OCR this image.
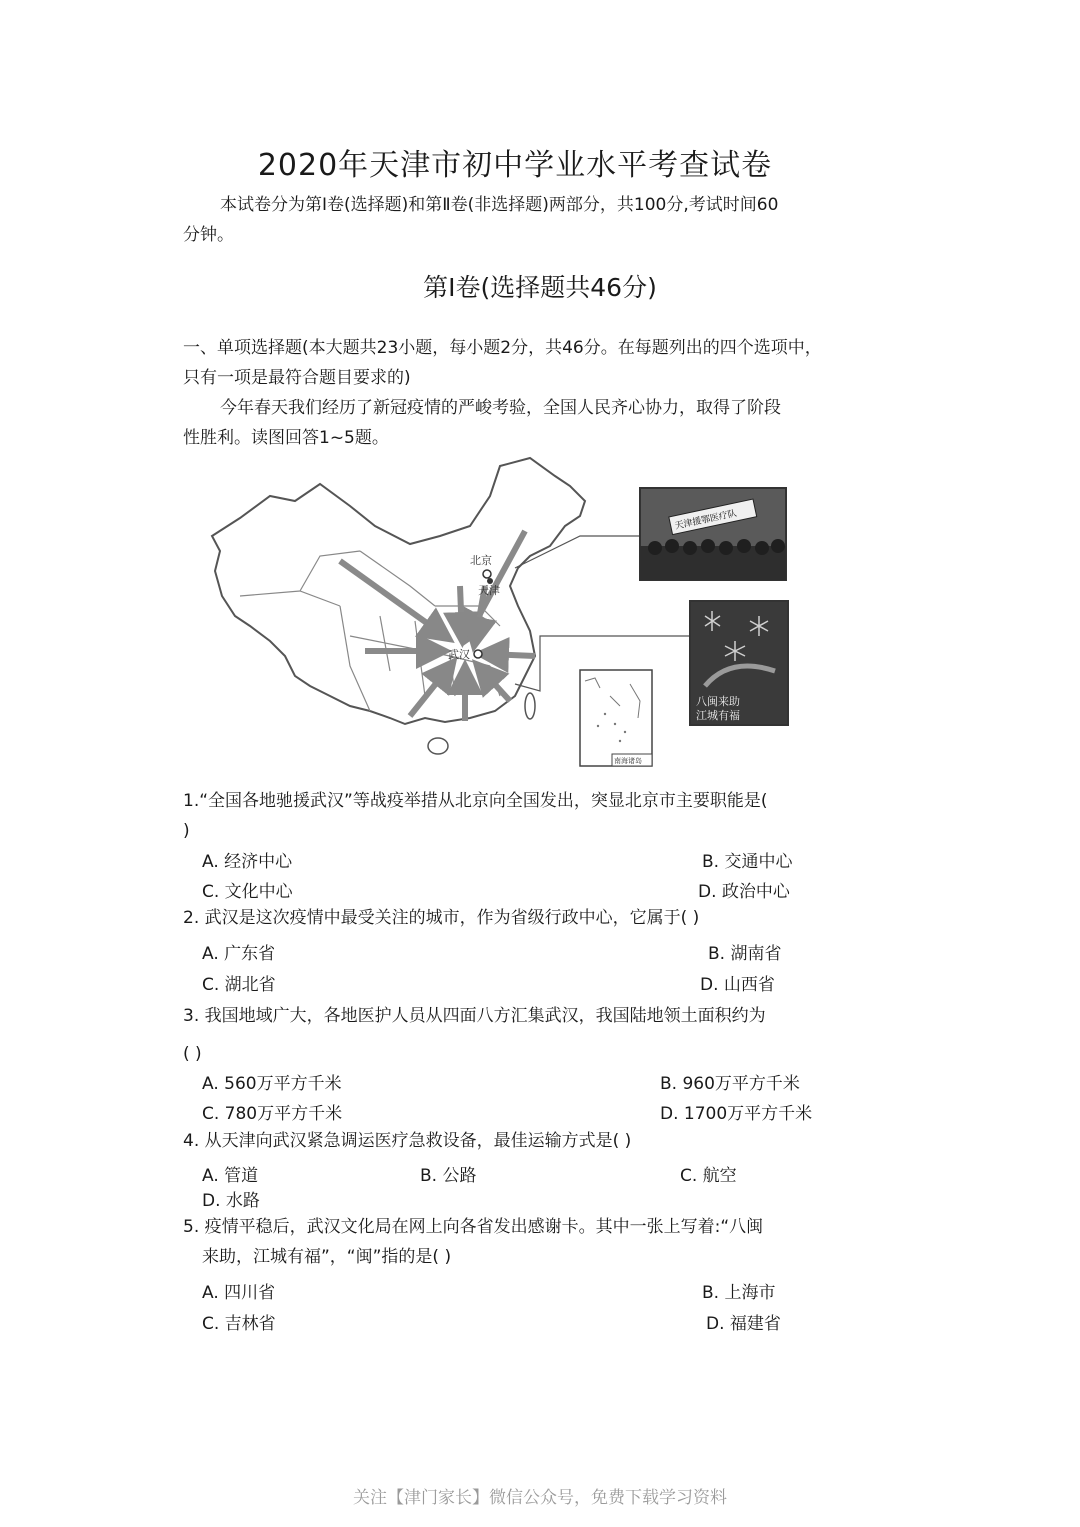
2020年天津市初中学业水平考查试卷
本试卷分为第Ⅰ卷(选择题)和第Ⅱ卷(非选择题)两部分，共100分,考试时间60
分钟。
第Ⅰ卷(选择题共46分)
一、单项选择题(本大题共23小题，每小题2分，共46分。在每题列出的四个选项中，
只有一项是最符合题目要求的)
今年春天我们经历了新冠疫情的严峻考验，全国人民齐心协力，取得了阶段
性胜利。读图回答1~5题。
北京
天津
武汉
天津援鄂医疗队
八闽来助
江城有福
南海诸岛
1.“全国各地驰援武汉”等战疫举措从北京向全国发出，突显北京市主要职能是(
)
A. 经济中心	B. 交通中心
C. 文化中心	D. 政治中心
2. 武汉是这次疫情中最受关注的城市，作为省级行政中心，它属于( )
A. 广东省	B. 湖南省
C. 湖北省	D. 山西省
3. 我国地域广大，各地医护人员从四面八方汇集武汉，我国陆地领土面积约为
( )
A. 560万平方千米	B. 960万平方千米
C. 780万平方千米	D. 1700万平方千米
4. 从天津向武汉紧急调运医疗急救设备，最佳运输方式是( )
A. 管道	B. 公路	C. 航空
D. 水路
5. 疫情平稳后，武汉文化局在网上向各省发出感谢卡。其中一张上写着:“八闽
来助，江城有福”，“闽”指的是( )
A. 四川省	B. 上海市
C. 吉林省	D. 福建省
关注【津门家长】微信公众号，免费下载学习资料
